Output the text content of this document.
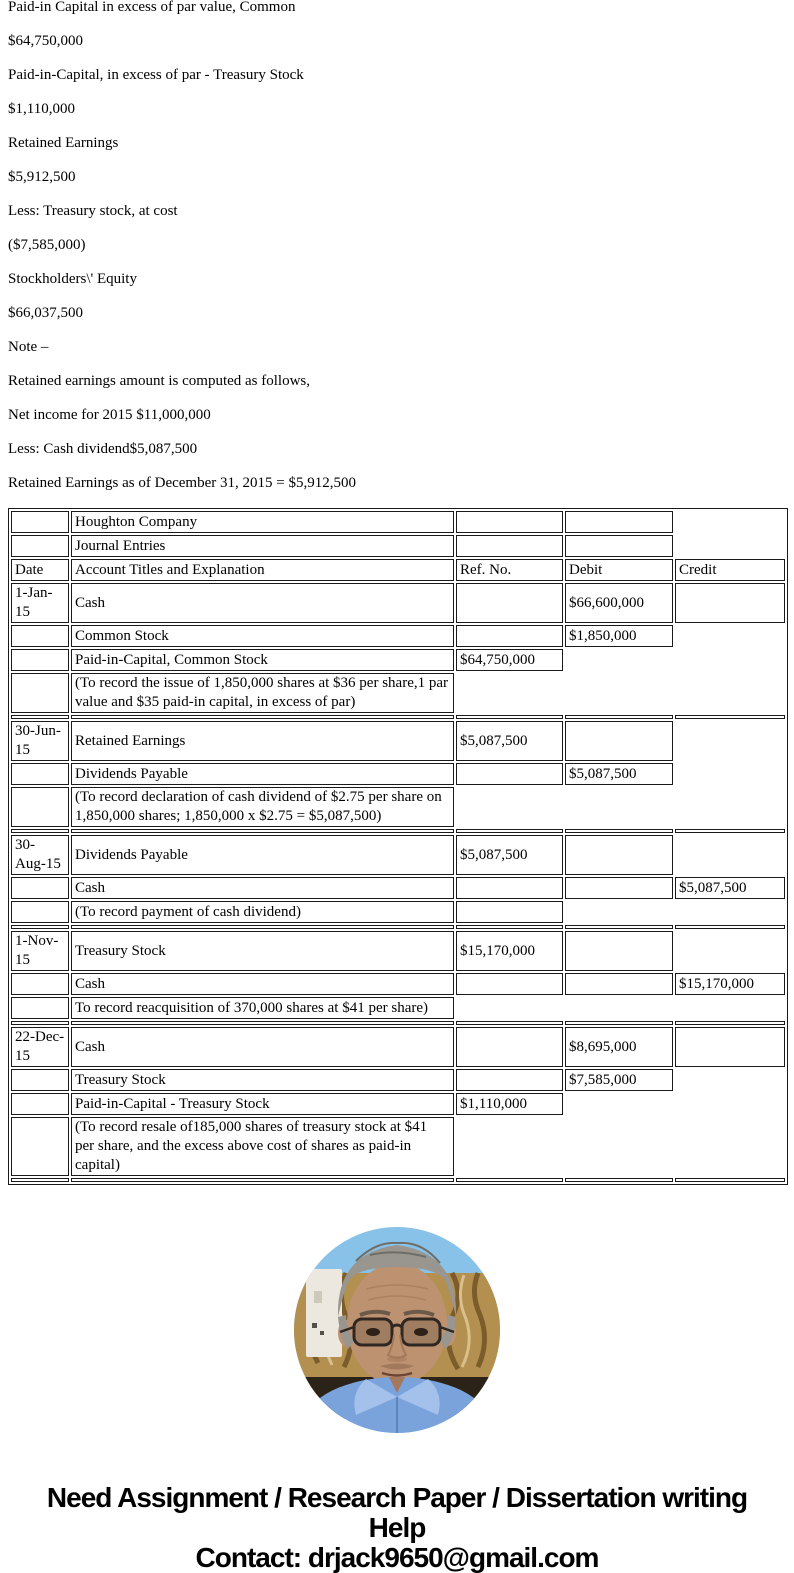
Paid-in Capital in excess of par value, Common

$64,750,000

Paid-in-Capital, in excess of par - Treasury Stock

$1,110,000

Retained Earnings

$5,912,500

Less: Treasury stock, at cost

($7,585,000)

Stockholders\' Equity

$66,037,500

Note –

Retained earnings amount is computed as follows,

Net income for 2015 $11,000,000

Less: Cash dividend$5,087,500

Retained Earnings as of December 31, 2015 = $5,912,500

	Houghton Company			
	Journal Entries			
Date	Account Titles and Explanation	Ref. No.	Debit	Credit
1-Jan-15	Cash		$66,600,000	
	Common Stock		$1,850,000	
	Paid-in-Capital, Common Stock	$64,750,000		
	(To record the issue of 1,850,000 shares at $36 per share,1 par value and $35 paid-in capital, in excess of par)			

30-Jun-15	Retained Earnings	$5,087,500		
	Dividends Payable		$5,087,500	
	(To record declaration of cash dividend of $2.75 per share on 1,850,000 shares; 1,850,000 x $2.75 = $5,087,500)			

30-Aug-15	Dividends Payable	$5,087,500		
	Cash			$5,087,500
	(To record payment of cash dividend)			

1-Nov-15	Treasury Stock	$15,170,000		
	Cash			$15,170,000
	To record reacquisition of 370,000 shares at $41 per share)			

22-Dec-15	Cash		$8,695,000	
	Treasury Stock		$7,585,000	
	Paid-in-Capital - Treasury Stock	$1,110,000		
	(To record resale of185,000 shares of treasury stock at $41 per share, and the excess above cost of shares as paid-in capital)			

Need Assignment / Research Paper / Dissertation writing Help
Contact: drjack9650@gmail.com
